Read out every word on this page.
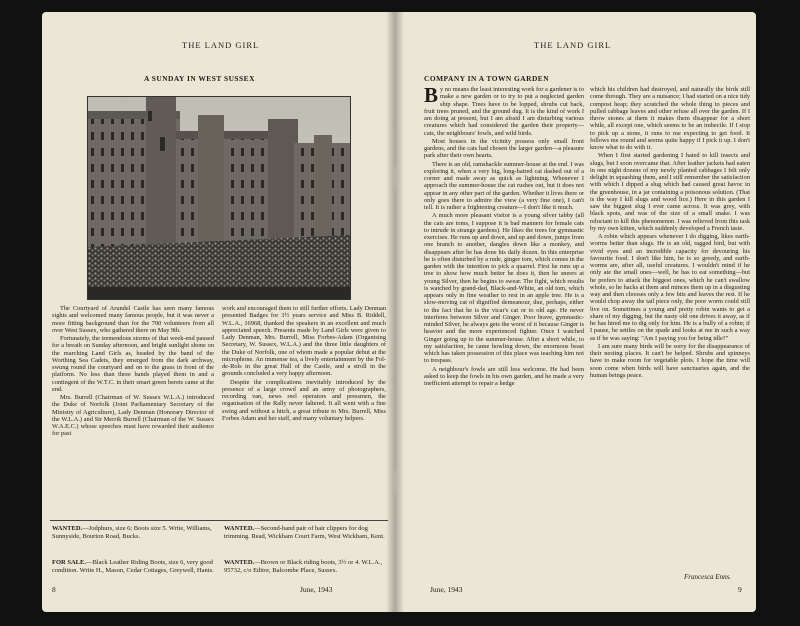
THE LAND GIRL
A SUNDAY IN WEST SUSSEX

The Courtyard of Arundel Castle has seen many famous sights and welcomed many famous people, but it was never a more fitting background than for the 700 volunteers from all over West Sussex, who gathered there on May 9th.

Fortunately, the tremendous storms of that week-end paused for a breath on Sunday afternoon, and bright sunlight shone on the marching Land Girls as, headed by the band of the Worthing Sea Cadets, they emerged from the dark archway, swung round the courtyard and on to the grass in front of the platform. No less than three bands played them in and a contingent of the W.T.C. in their smart green berets came at the end.

Mrs. Burrell (Chairman of W. Sussex W.L.A.) introduced the Duke of Norfolk (Joint Parliamentary Secretary of the Ministry of Agriculture), Lady Denman (Honorary Director of the W.L.A.) and Sir Merrik Burrell (Chairman of the W. Sussex W.A.E.C.) whose speeches must have rewarded their audience for past

work and encouraged them to still further efforts. Lady Denman presented Badges for 3½ years service and Miss B. Riddell, W.L.A., 16968, thanked the speakers in an excellent and much appreciated speech. Presents made by Land Girls were given to Lady Denman, Mrs. Burrell, Miss Forbes-Adam (Organising Secretary, W. Sussex, W.L.A.) and the three little daughters of the Duke of Norfolk, one of whom made a popular debut at the microphone. An immense tea, a lively entertainment by the Fol-de-Rols in the great Hall of the Castle, and a stroll in the grounds concluded a very happy afternoon.

Despite the complications inevitably introduced by the presence of a large crowd and an army of photographers, recording van, news reel operators and pressmen, the organisation of the Rally never faltered. It all went with a fine swing and without a hitch, a great tribute to Mrs. Burrell, Miss Forbes Adam and her staff, and many voluntary helpers.

WANTED.—Jodphurs, size 6; Boots size 5. Write, Williams, Sunnyside, Bourton Road, Bucks.
FOR SALE.—Black Leather Riding Boots, size 6, very good condition. Write H., Mason, Cedar Cottages, Greywell, Hants.
WANTED.—Second-hand pair of hair clippers for dog trimming. Read, Wickham Court Farm, West Wickham, Kent.
WANTED.—Brown or Black riding boots, 3½ or 4. W.L.A., 95732, c/o Editor, Balcombe Place, Sussex.
8	June, 1943
THE LAND GIRL
COMPANY IN A TOWN GARDEN

By no means the least interesting work for a gardener is to make a new garden or to try to put a neglected garden ship shape. Trees have to be lopped, shrubs cut back, fruit trees pruned, and the ground dug. It is the kind of work I am doing at present, but I am afraid I am disturbing various creatures which had considered the garden their property—cats, the neighbours' fowls, and wild birds.

Most houses in the vicinity possess only small front gardens, and the cats had chosen the larger garden—a pleasure park after their own hearts.

There is an old, ramshackle summer-house at the end. I was exploring it, when a very big, long-haired cat dashed out of a corner and made away as quick as lightning. Whenever I approach the summer-house the cat rushes out, but it does not appear in any other part of the garden. Whether it lives there or only goes there to admire the view (a very fine one), I can't tell. It is rather a frightening creature—I don't like it much.

A much more pleasant visitor is a young silver tabby (all the cats are toms, I suppose it is bad manners for female cats to intrude in strange gardens). He likes the trees for gymnastic exercises. He runs up and down, and up and down, jumps from one branch to another, dangles down like a monkey, and disappears after he has done his daily dozen. In this enterprise he is often disturbed by a rude, ginger tom, which comes in the garden with the intention to pick a quarrel. First he runs up a tree to show how much better he does it, then he sneers at young Silver, then he begins to swear. The fight, which results is watched by grand-dad, Black-and-White, an old tom, which appears only in fine weather to rest in an apple tree. He is a slow-moving cat of dignified demeanour, due, perhaps, either to the fact that he is the vicar's cat or to old age. He never interferes between Silver and Ginger. Poor brave, gymnastic-minded Silver, he always gets the worst of it because Ginger is heavier and the more experienced fighter. Once I watched Ginger going up to the summer-house. After a short while, to my satisfaction, he came howling down, the enormous beast which has taken possession of this place was teaching him not to trespass.

A neighbour's fowls are still less welcome. He had been asked to keep the fowls in his own garden, and he made a very inefficient attempt to repair a hedge

which his children had destroyed, and naturally the birds still come through. They are a nuisance; I had started on a nice tidy compost heap; they scratched the whole thing to pieces and pulled cabbage leaves and other refuse all over the garden. If I throw stones at them it makes them disappear for a short while, all except one, which seems to be an imbecile. If I stop to pick up a stone, it runs to me expecting to get food. It follows me round and seems quite happy if I pick it up. I don't know what to do with it.

When I first started gardening I hated to kill insects and slugs, but I soon overcame that. After leather jackets had eaten in one night dozens of my newly planted cabbages I felt only delight in squashing them, and I still remember the satisfaction with which I dipped a slug which had caused great havoc in the greenhouse, in a jar containing a poisonous solution. (That is the way I kill slugs and wood lice.) Here in this garden I saw the biggest slug I ever came across. It was grey, with black spots, and was of the size of a small snake. I was reluctant to kill this phenomenon. I was relieved from this task by my own kitten, which suddenly developed a French taste.

A robin which appears whenever I do digging, likes earth-worms better than slugs. He is an old, ragged bird, but with vivid eyes and an incredible capacity for devouring his favourite food. I don't like him, he is so greedy, and earth-worms are, after all, useful creatures. I wouldn't mind if he only ate the small ones—well, he has to eat something—but he prefers to attack the biggest ones, which he can't swallow whole, so he hacks at them and minces them up in a disgusting way and then chooses only a few bits and leaves the rest. If he would chop away the tail piece only, the poor worm could still live on. Sometimes a young and pretty robin wants to get a share of my digging, but the nasty old one drives it away, as if he has hired me to dig only for him. He is a bully of a robin; if I pause, he settles on the spade and looks at me in such a way as if he was saying: "Am I paying you for being idle?"

I am sure many birds will be sorry for the disappearance of their nesting places. It can't be helped. Shrubs and spinneys have to make room for vegetable plots. I hope the time will soon come when birds will have sanctuaries again, and the human beings peace.

Francesca Enns.
June, 1943	9
